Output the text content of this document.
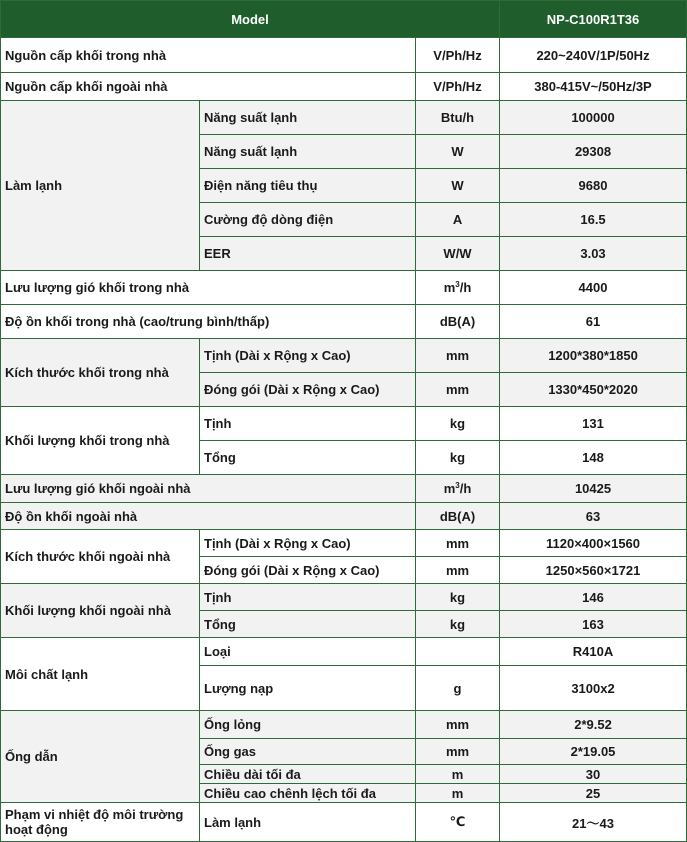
Model			NP-C100R1T36
Nguồn cấp khối trong nhà		V/Ph/Hz	220~240V/1P/50Hz
Nguồn cấp khối ngoài nhà		V/Ph/Hz	380-415V~/50Hz/3P
Làm lạnh	Năng suất lạnh	Btu/h	100000
	Năng suất lạnh	W	29308
	Điện năng tiêu thụ	W	9680
	Cường độ dòng điện	A	16.5
	EER	W/W	3.03
Lưu lượng gió khối trong nhà		$m^3/h$	4400
Độ ồn khối trong nhà (cao/trung bình/thấp)		dB(A)	61
Kích thước khối trong nhà	Tịnh (Dài x Rộng x Cao)	mm	1200*380*1850
	Đóng gói (Dài x Rộng x Cao)	mm	1330*450*2020
Khối lượng khối trong nhà	Tịnh	kg	131
	Tổng	kg	148
Lưu lượng gió khối ngoài nhà		$m^3/h$	10425
Độ ồn khối ngoài nhà		dB(A)	63
Kích thước khối ngoài nhà	Tịnh (Dài x Rộng x Cao)	mm	1120×400×1560
	Đóng gói (Dài x Rộng x Cao)	mm	1250×560×1721
Khối lượng khối ngoài nhà	Tịnh	kg	146
	Tổng	kg	163
Môi chất lạnh	Loại		R410A
	Lượng nạp	g	3100x2
Ống dẫn	Ống lỏng	mm	2*9.52
	Ống gas	mm	2*19.05
	Chiều dài tối đa	m	30
	Chiều cao chênh lệch tối đa	m	25
Phạm vi nhiệt độ môi trường hoạt động	Làm lạnh	℃	21～43
